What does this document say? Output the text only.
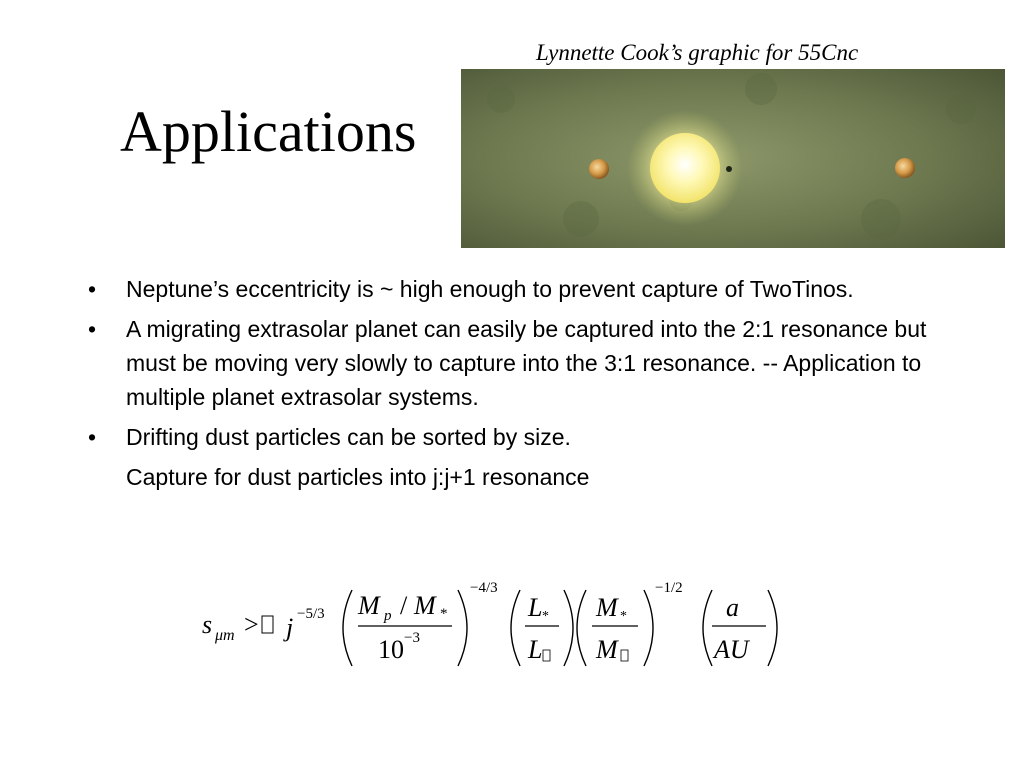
Lynnette Cook’s graphic for 55Cnc
Applications
• Neptune’s eccentricity is ~ high enough to prevent capture of TwoTinos.
• A migrating extrasolar planet can easily be captured into the 2:1 resonance but must be moving very slowly to capture into the 3:1 resonance. -- Application to multiple planet extrasolar systems.
• Drifting dust particles can be sorted by size.
Capture for dust particles into j:j+1 resonance
s μm > j −5/3 M p / M *
10 −3
−4/3
L *
L
M *
M
−1/2
a
AU
